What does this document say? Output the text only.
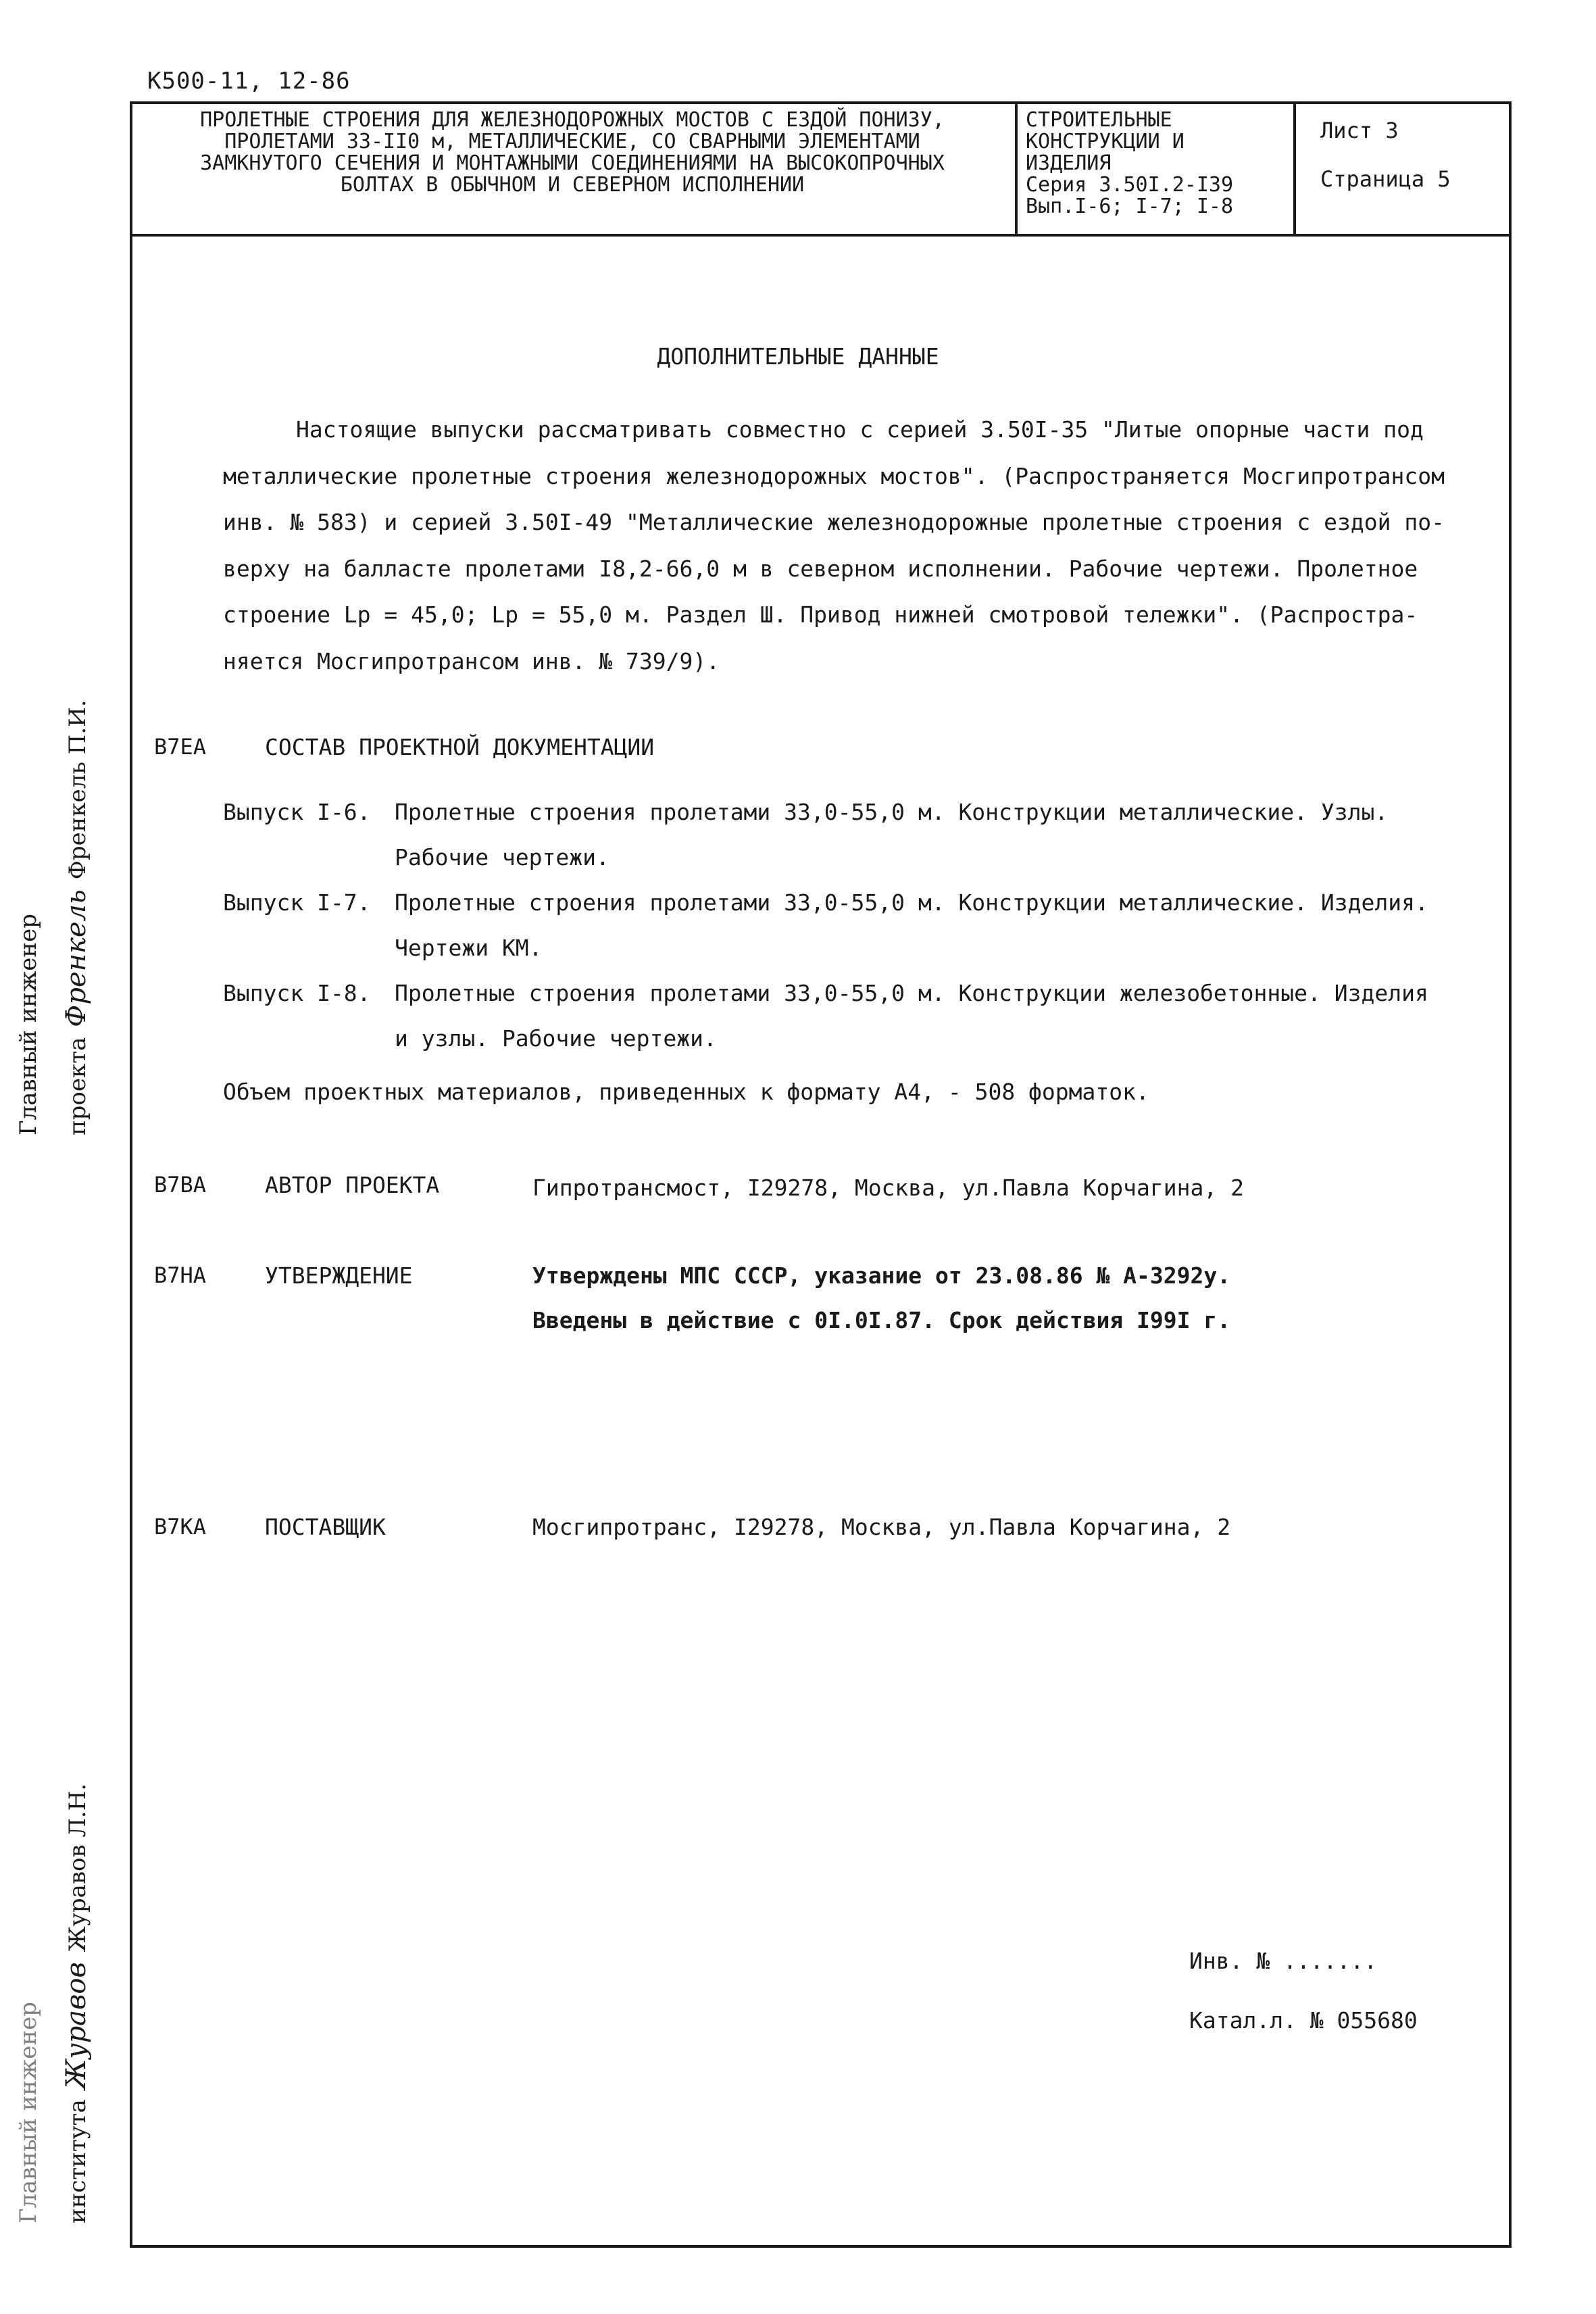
К500-11, 12-86
ПРОЛЕТНЫЕ СТРОЕНИЯ ДЛЯ ЖЕЛЕЗНОДОРОЖНЫХ МОСТОВ С ЕЗДОЙ ПОНИЗУ,
ПРОЛЕТАМИ 33-II0 м, МЕТАЛЛИЧЕСКИЕ, СО СВАРНЫМИ ЭЛЕМЕНТАМИ
ЗАМКНУТОГО СЕЧЕНИЯ И МОНТАЖНЫМИ СОЕДИНЕНИЯМИ НА ВЫСОКОПРОЧНЫХ
БОЛТАХ В ОБЫЧНОМ И СЕВЕРНОМ ИСПОЛНЕНИИ
СТРОИТЕЛЬНЫЕ
КОНСТРУКЦИИ И
ИЗДЕЛИЯ
Серия 3.50I.2-I39
Вып.I-6; I-7; I-8
Лист 3
Страница 5
ДОПОЛНИТЕЛЬНЫЕ ДАННЫЕ
Настоящие выпуски рассматривать совместно с серией 3.50I-35 "Литые опорные части под
металлические пролетные строения железнодорожных мостов". (Распространяется Мосгипротрансом
инв. № 583) и серией 3.50I-49 "Металлические железнодорожные пролетные строения с ездой по-
верху на балласте пролетами I8,2-66,0 м в северном исполнении. Рабочие чертежи. Пролетное
строение Lр = 45,0; Lр = 55,0 м. Раздел Ш. Привод нижней смотровой тележки". (Распростра-
няется Мосгипротрансом инв. № 739/9).
В7ЕА	СОСТАВ ПРОЕКТНОЙ ДОКУМЕНТАЦИИ
Выпуск I-6. Пролетные строения пролетами 33,0-55,0 м. Конструкции металлические. Узлы.
Рабочие чертежи.
Выпуск I-7. Пролетные строения пролетами 33,0-55,0 м. Конструкции металлические. Изделия.
Чертежи КМ.
Выпуск I-8. Пролетные строения пролетами 33,0-55,0 м. Конструкции железобетонные. Изделия
и узлы. Рабочие чертежи.
Объем проектных материалов, приведенных к формату А4, - 508 форматок.
В7ВА	АВТОР ПРОЕКТА	Гипротрансмост, I29278, Москва, ул.Павла Корчагина, 2
В7НА	УТВЕРЖДЕНИЕ	Утверждены МПС СССР, указание от 23.08.86 № А-3292у.
Введены в действие с 0I.0I.87. Срок действия I99I г.
В7КА	ПОСТАВЩИК	Мосгипротранс, I29278, Москва, ул.Павла Корчагина, 2
Инв. № .......
Катал.л. № 055680
Главный инженер проекта Френкель Френкель П.И.
Главный инженер института Журавов Журавов Л.Н.
